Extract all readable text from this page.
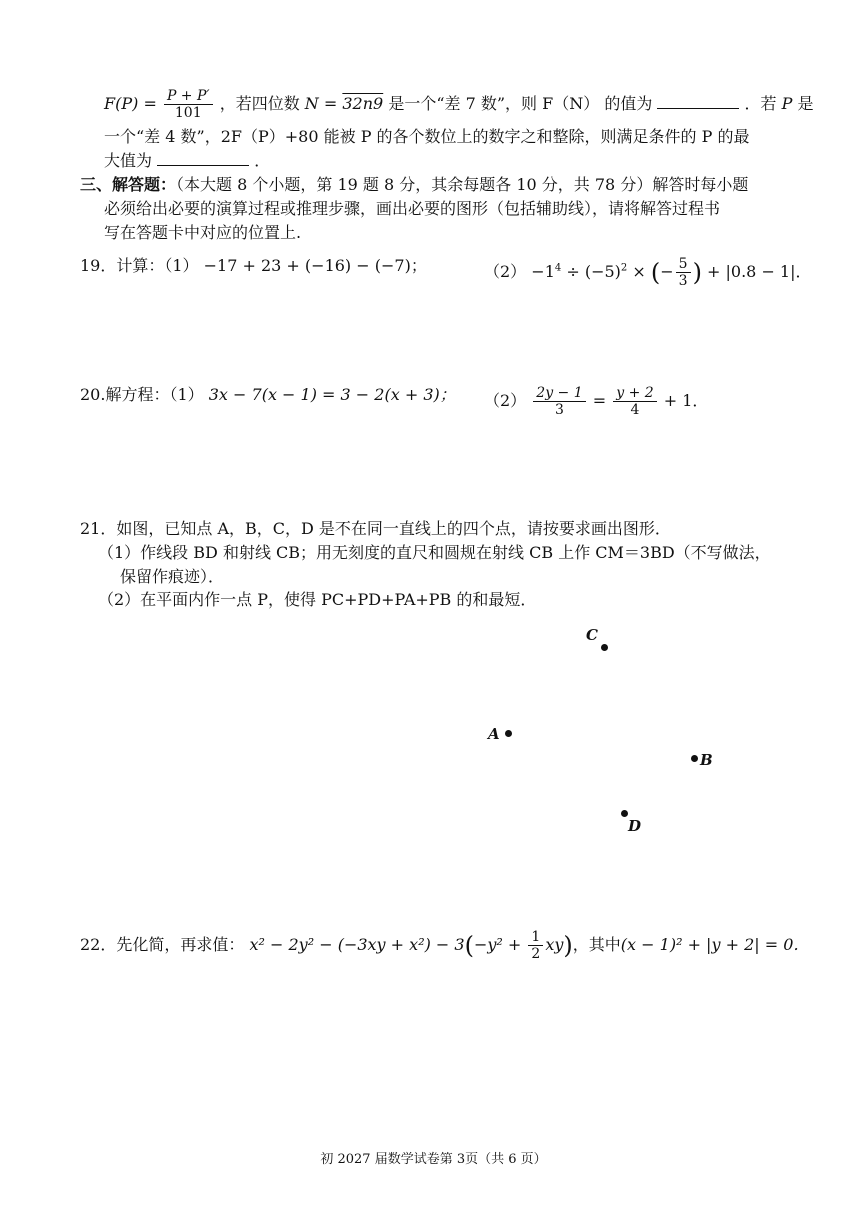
$F(P) = \frac{P + P'}{101}$ ，若四位数 N = 32n9 是一个“差 7 数”，则 F（N） 的值为	．若 P 是
一个“差 4 数”，2F（P）+80 能被 P 的各个数位上的数字之和整除，则满足条件的 P 的最
大值为	．
三、解答题：（本大题 8 个小题，第 19 题 8 分，其余每题各 10 分，共 78 分）解答时每小题
必须给出必要的演算过程或推理步骤，画出必要的图形（包括辅助线），请将解答过程书
写在答题卡中对应的位置上.
19．计算：（1） −17 + 23 + (−16) − (−7)；	$(2) -1^4 \div (-5)^2$ × (− $\frac{5}{3}$ ) + |0.8 − 1|．
20.解方程：（1） 3x − 7(x − 1) = 3 − 2(x + 3)； $(2) \frac{2y - 1}{3} = \frac{y + 2}{4} + 1$．
21．如图，已知点 A，B，C，D 是不在同一直线上的四个点，请按要求画出图形．
（1）作线段 BD 和射线 CB；用无刻度的直尺和圆规在射线 CB 上作 CM＝3BD（不写做法，
保留作痕迹）．
（2）在平面内作一点 P，使得 PC+PD+PA+PB 的和最短．
C
A
B
D
22．先化简，再求值： $x^2 - 2y^2 - (-3xy + x^2) - 3(-y^2 + \frac{1}{2} xy)$，其中(x − 1)² + |y + 2| = 0．
初 2027 届数学试卷第 3页（共 6 页）
